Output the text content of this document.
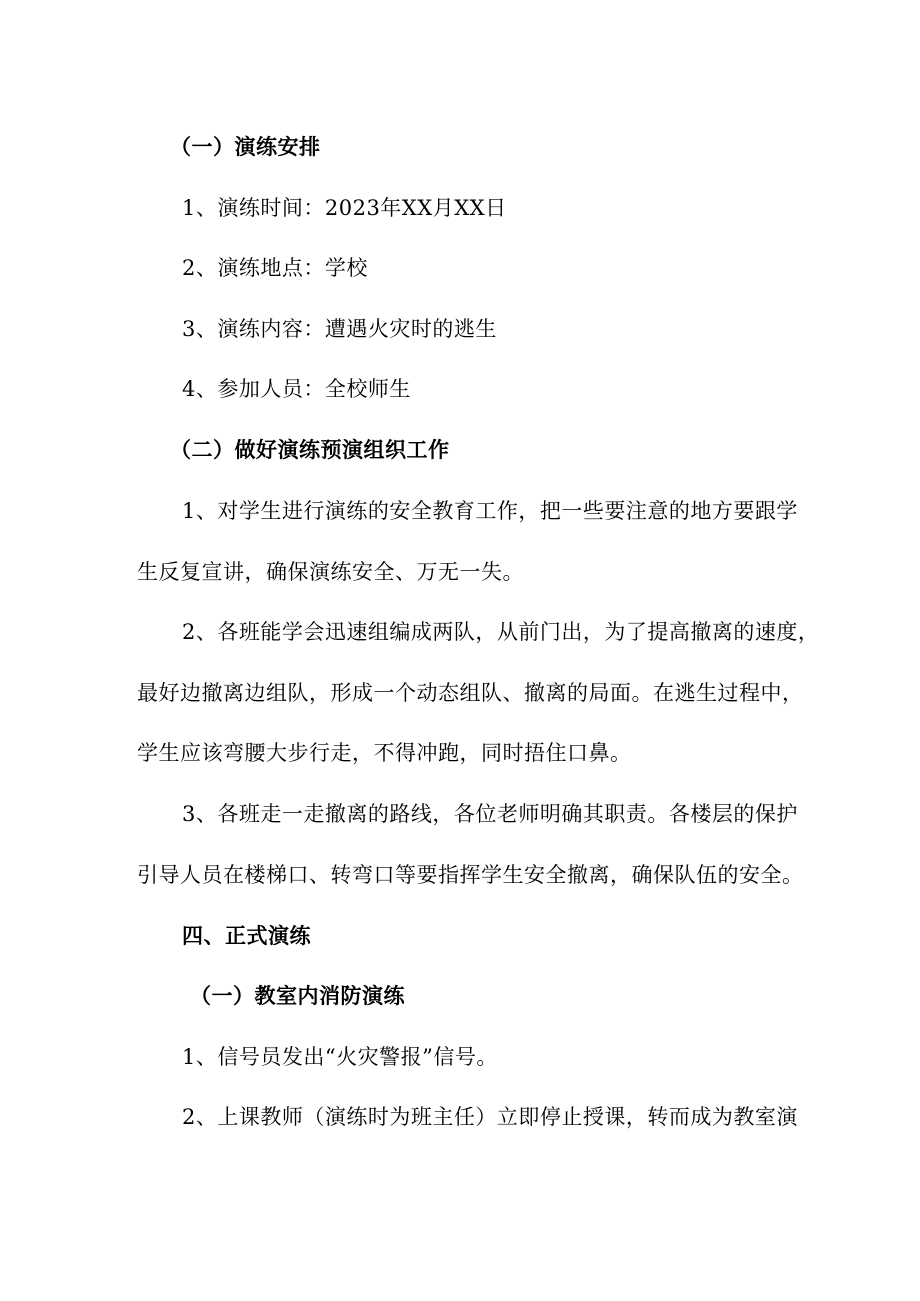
（一）演练安排
1、演练时间：2023年XX月XX日
2、演练地点：学校
3、演练内容：遭遇火灾时的逃生
4、参加人员：全校师生
（二）做好演练预演组织工作
1、对学生进行演练的安全教育工作，把一些要注意的地方要跟学
生反复宣讲，确保演练安全、万无一失。
2、各班能学会迅速组编成两队，从前门出，为了提高撤离的速度，
最好边撤离边组队，形成一个动态组队、撤离的局面。在逃生过程中，
学生应该弯腰大步行走，不得冲跑，同时捂住口鼻。
3、各班走一走撤离的路线，各位老师明确其职责。各楼层的保护
引导人员在楼梯口、转弯口等要指挥学生安全撤离，确保队伍的安全。
四、正式演练
（一）教室内消防演练
1、信号员发出“火灾警报”信号。
2、上课教师（演练时为班主任）立即停止授课，转而成为教室演
